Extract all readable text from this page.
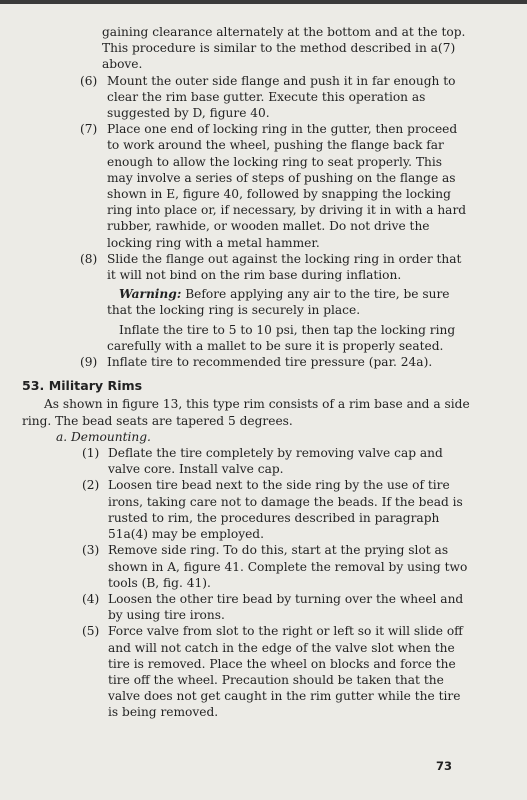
gaining clearance alternately at the bottom and at the top. This procedure is similar to the method described in a(7) above.

(6) Mount the outer side flange and push it in far enough to clear the rim base gutter. Execute this operation as suggested by D, figure 40.

(7) Place one end of locking ring in the gutter, then proceed to work around the wheel, pushing the flange back far enough to allow the locking ring to seat properly. This may involve a series of steps of pushing on the flange as shown in E, figure 40, followed by snapping the locking ring into place or, if necessary, by driving it in with a hard rubber, rawhide, or wooden mallet. Do not drive the locking ring with a metal hammer.

(8) Slide the flange out against the locking ring in order that it will not bind on the rim base during inflation.

Warning: Before applying any air to the tire, be sure that the locking ring is securely in place.

Inflate the tire to 5 to 10 psi, then tap the locking ring carefully with a mallet to be sure it is properly seated.

(9) Inflate tire to recommended tire pressure (par. 24a).

53. Military Rims

As shown in figure 13, this type rim consists of a rim base and a side ring. The bead seats are tapered 5 degrees.

a. Demounting.

(1) Deflate the tire completely by removing valve cap and valve core. Install valve cap.

(2) Loosen tire bead next to the side ring by the use of tire irons, taking care not to damage the beads. If the bead is rusted to rim, the procedures described in paragraph 51a(4) may be employed.

(3) Remove side ring. To do this, start at the prying slot as shown in A, figure 41. Complete the removal by using two tools (B, fig. 41).

(4) Loosen the other tire bead by turning over the wheel and by using tire irons.

(5) Force valve from slot to the right or left so it will slide off and will not catch in the edge of the valve slot when the tire is removed. Place the wheel on blocks and force the tire off the wheel. Precaution should be taken that the valve does not get caught in the rim gutter while the tire is being removed.

73
